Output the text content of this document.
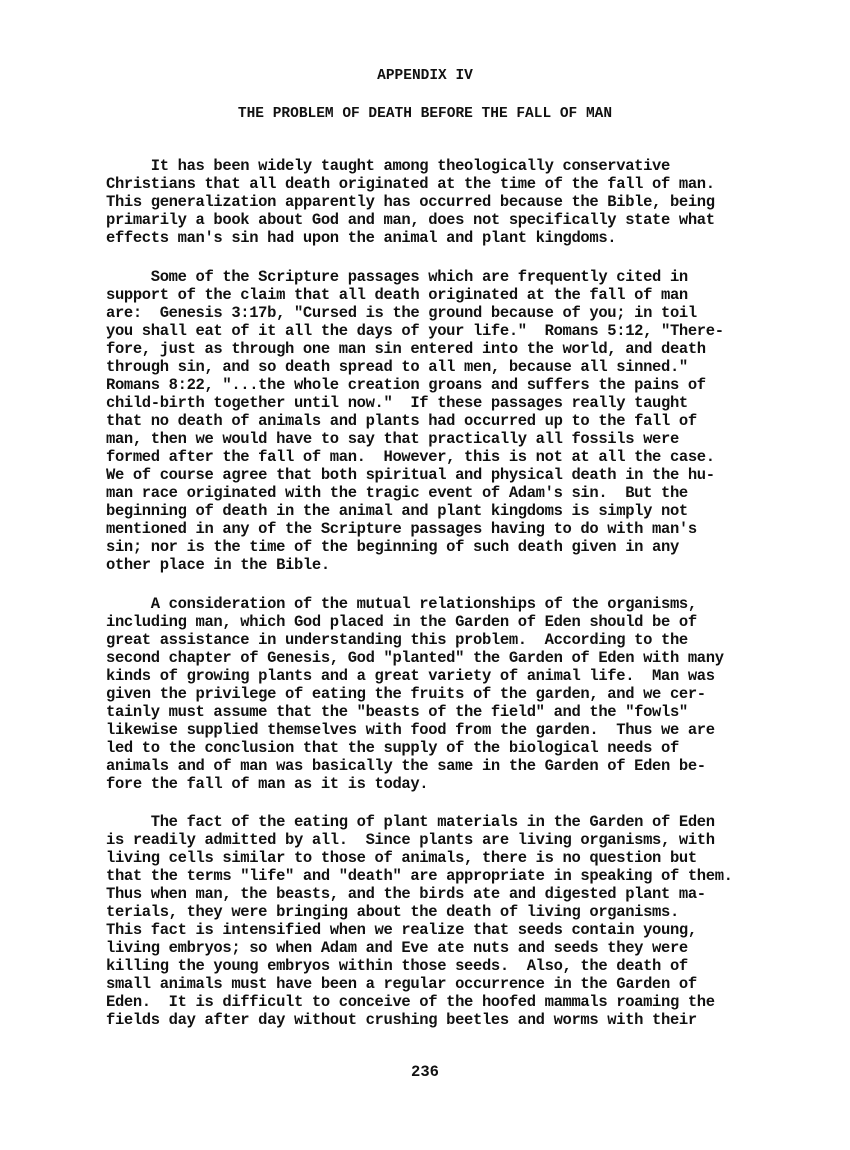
APPENDIX IV
THE PROBLEM OF DEATH BEFORE THE FALL OF MAN
It has been widely taught among theologically conservative
Christians that all death originated at the time of the fall of man.
This generalization apparently has occurred because the Bible, being
primarily a book about God and man, does not specifically state what
effects man's sin had upon the animal and plant kingdoms.
Some of the Scripture passages which are frequently cited in
support of the claim that all death originated at the fall of man
are:  Genesis 3:17b, "Cursed is the ground because of you; in toil
you shall eat of it all the days of your life."  Romans 5:12, "There-
fore, just as through one man sin entered into the world, and death
through sin, and so death spread to all men, because all sinned."
Romans 8:22, "...the whole creation groans and suffers the pains of
child-birth together until now."  If these passages really taught
that no death of animals and plants had occurred up to the fall of
man, then we would have to say that practically all fossils were
formed after the fall of man.  However, this is not at all the case.
We of course agree that both spiritual and physical death in the hu-
man race originated with the tragic event of Adam's sin.  But the
beginning of death in the animal and plant kingdoms is simply not
mentioned in any of the Scripture passages having to do with man's
sin; nor is the time of the beginning of such death given in any
other place in the Bible.
A consideration of the mutual relationships of the organisms,
including man, which God placed in the Garden of Eden should be of
great assistance in understanding this problem.  According to the
second chapter of Genesis, God "planted" the Garden of Eden with many
kinds of growing plants and a great variety of animal life.  Man was
given the privilege of eating the fruits of the garden, and we cer-
tainly must assume that the "beasts of the field" and the "fowls"
likewise supplied themselves with food from the garden.  Thus we are
led to the conclusion that the supply of the biological needs of
animals and of man was basically the same in the Garden of Eden be-
fore the fall of man as it is today.
The fact of the eating of plant materials in the Garden of Eden
is readily admitted by all.  Since plants are living organisms, with
living cells similar to those of animals, there is no question but
that the terms "life" and "death" are appropriate in speaking of them.
Thus when man, the beasts, and the birds ate and digested plant ma-
terials, they were bringing about the death of living organisms.
This fact is intensified when we realize that seeds contain young,
living embryos; so when Adam and Eve ate nuts and seeds they were
killing the young embryos within those seeds.  Also, the death of
small animals must have been a regular occurrence in the Garden of
Eden.  It is difficult to conceive of the hoofed mammals roaming the
fields day after day without crushing beetles and worms with their
236
